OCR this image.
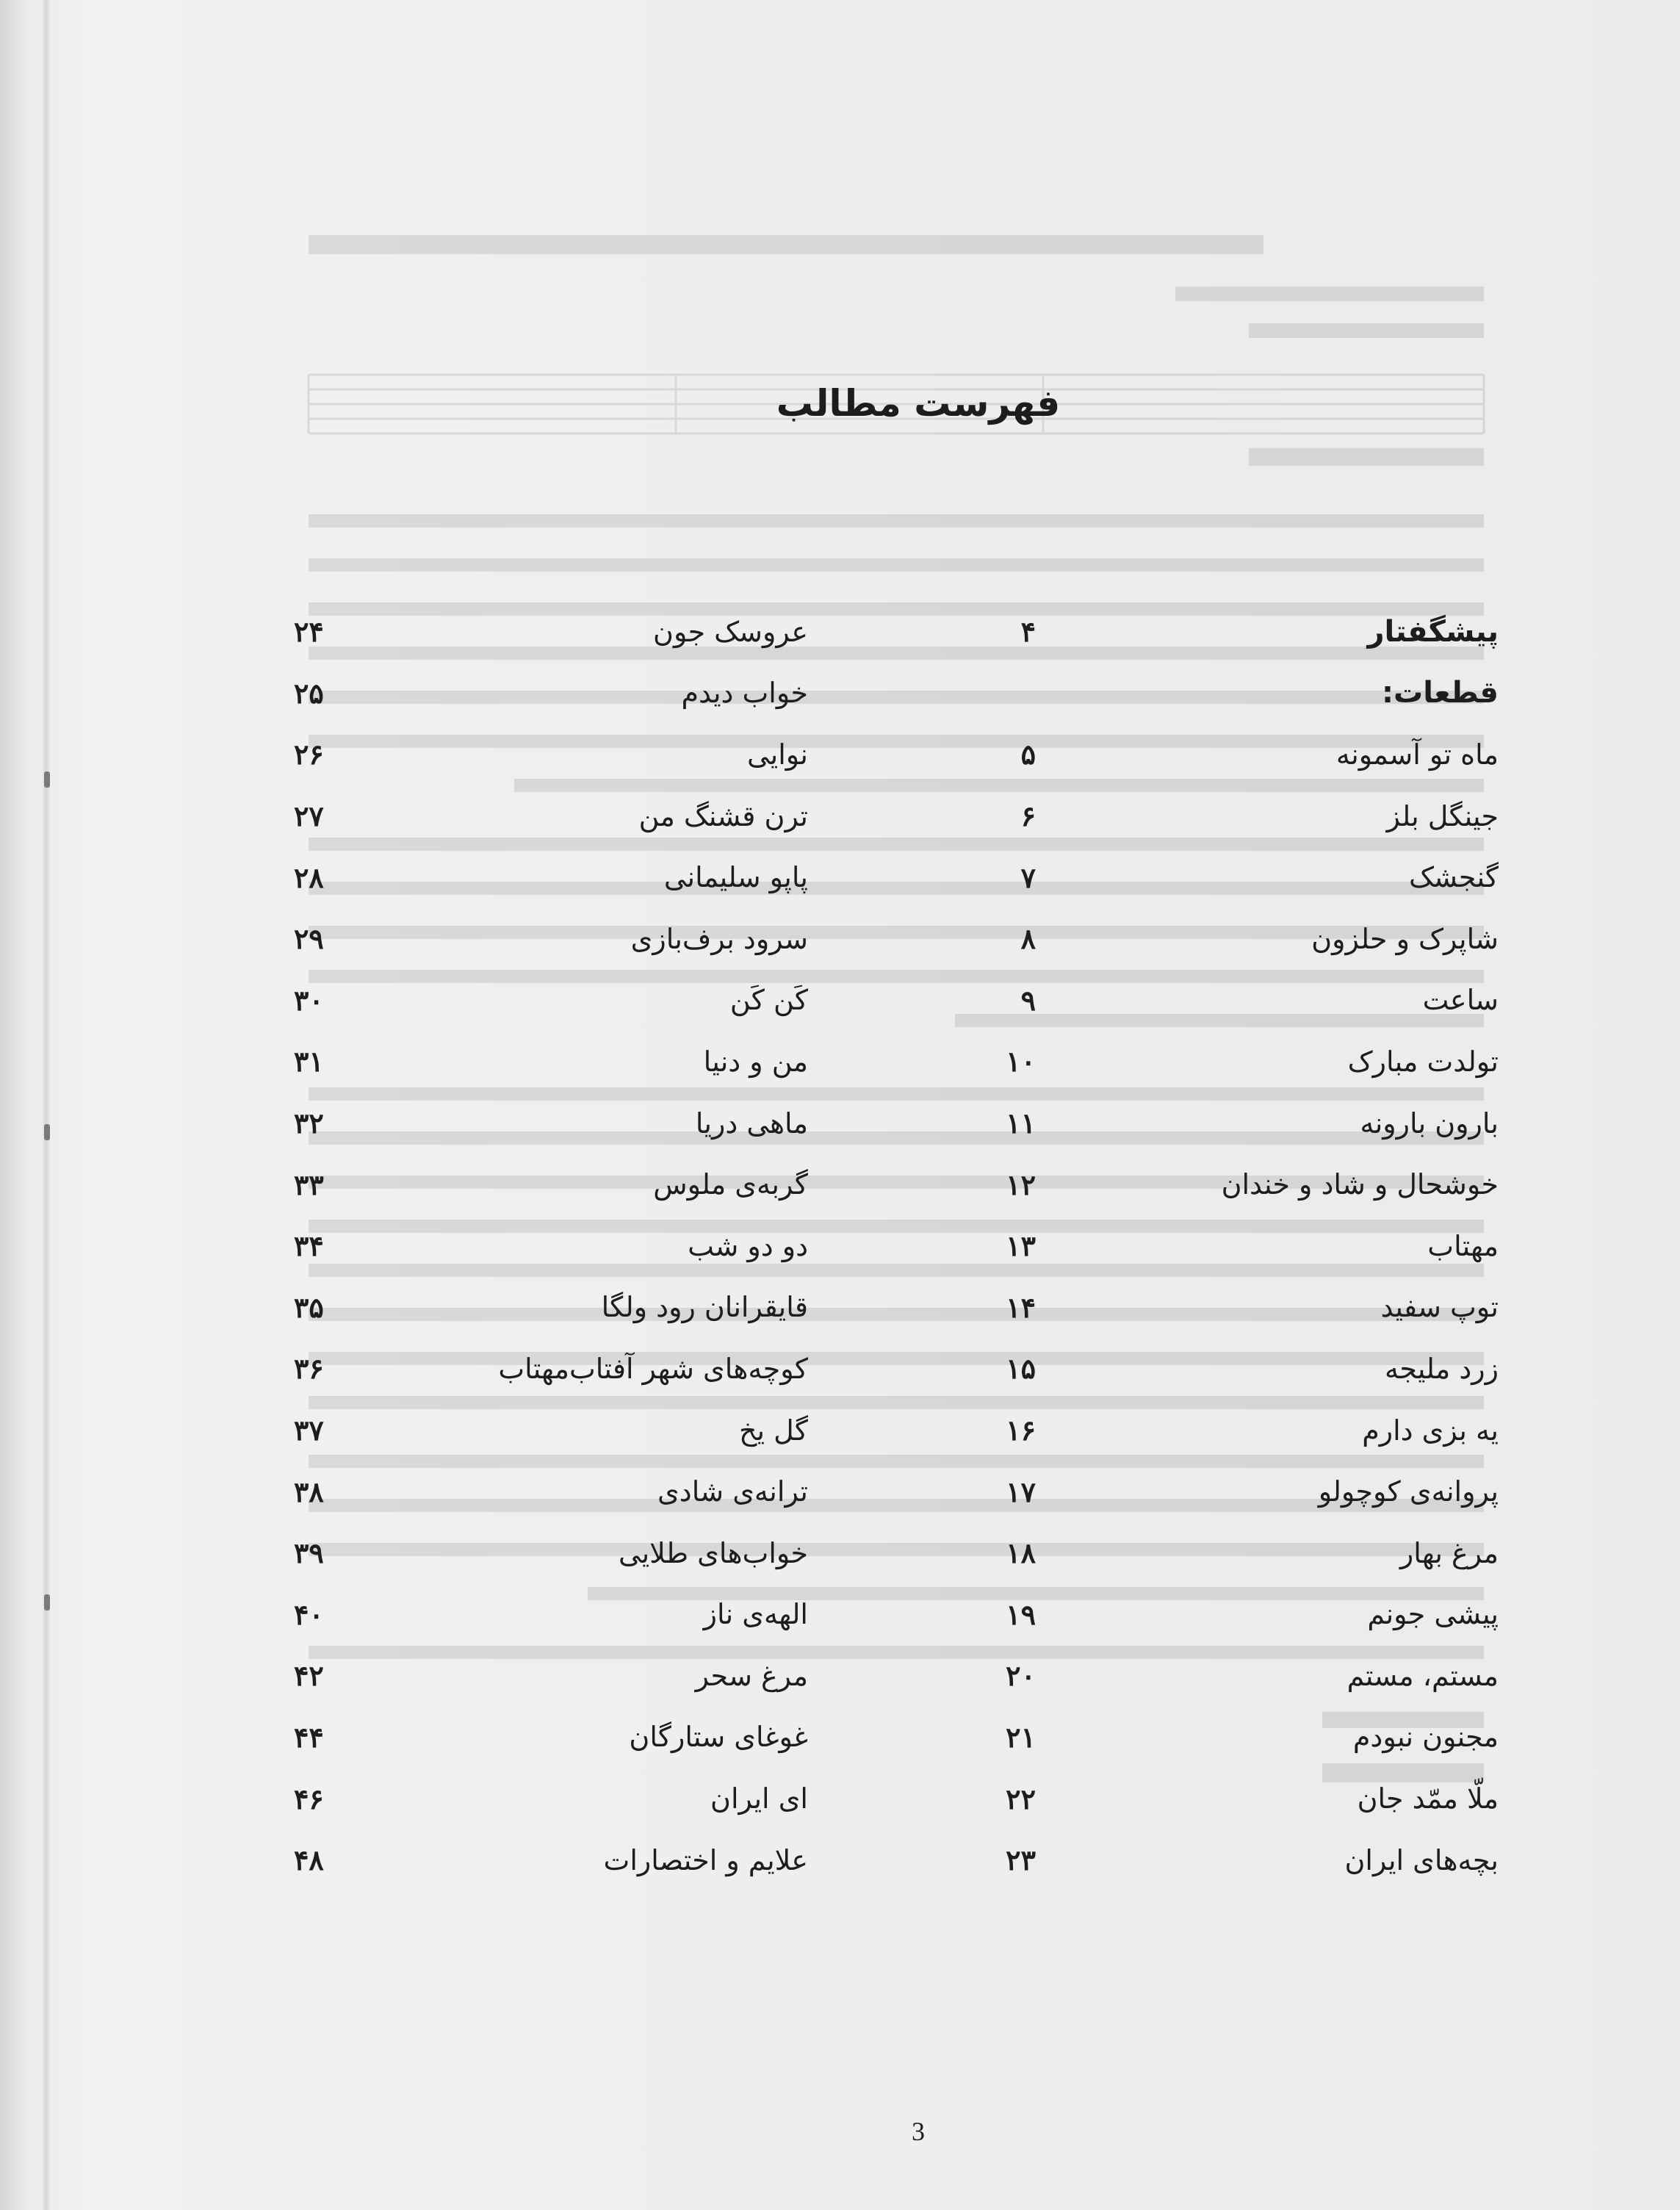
فهرست مطالب
پیشگفتار
۴
قطعات:
ماه تو آسمونه
۵
جینگل بلز
۶
گنجشک
۷
شاپرک و حلزون
۸
ساعت
۹
تولدت مبارک
۱۰
بارون بارونه
۱۱
خوشحال و شاد و خندان
۱۲
مهتاب
۱۳
توپ سفید
۱۴
زرد ملیجه
۱۵
یه بزی دارم
۱۶
پروانه‌ی کوچولو
۱۷
مرغ بهار
۱۸
پیشی جونم
۱۹
مستم، مستم
۲۰
مجنون نبودم
۲۱
ملّا ممّد جان
۲۲
بچه‌های ایران
۲۳
عروسک جون
۲۴
خواب دیدم
۲۵
نوایی
۲۶
ترن قشنگ من
۲۷
پاپو سلیمانی
۲۸
سرود برف‌بازی
۲۹
کَن کَن
۳۰
من و دنیا
۳۱
ماهی دریا
۳۲
گربه‌ی ملوس
۳۳
دو دو شب
۳۴
قایقرانان رود ولگا
۳۵
کوچه‌های شهر آفتاب‌مهتاب
۳۶
گل یخ
۳۷
ترانه‌ی شادی
۳۸
خواب‌های طلایی
۳۹
الهه‌ی ناز
۴۰
مرغ سحر
۴۲
غوغای ستارگان
۴۴
ای ایران
۴۶
علایم و اختصارات
۴۸
3
